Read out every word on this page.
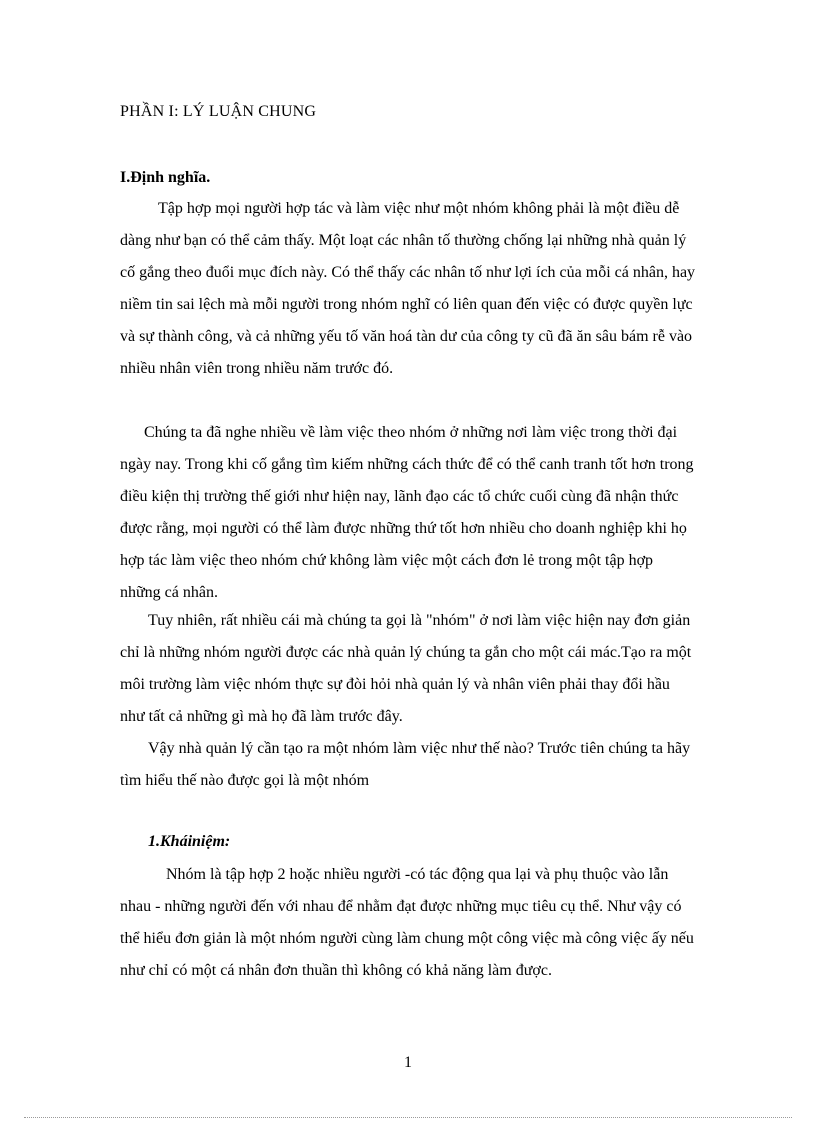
PHẦN I: LÝ LUẬN CHUNG
I.Định nghĩa.

Tập hợp mọi người hợp tác và làm việc như một nhóm không phải là một điều dễ dàng như bạn có thể cảm thấy. Một loạt các nhân tố thường chống lại những nhà quản lý cố gắng theo đuổi mục đích này. Có thể thấy các nhân tố như lợi ích của mỗi cá nhân, hay niềm tin sai lệch mà mỗi người trong nhóm nghĩ có liên quan đến việc có được quyền lực và sự thành công, và cả những yếu tố văn hoá tàn dư của công ty cũ đã ăn sâu bám rễ vào nhiều nhân viên trong nhiều năm trước đó.

Chúng ta đã nghe nhiều về làm việc theo nhóm ở những nơi làm việc trong thời đại ngày nay. Trong khi cố gắng tìm kiếm những cách thức để có thể canh tranh tốt hơn trong điều kiện thị trường thế giới như hiện nay, lãnh đạo các tổ chức cuối cùng đã nhận thức được rằng, mọi người có thể làm được những thứ tốt hơn nhiều cho doanh nghiệp khi họ hợp tác làm việc theo nhóm chứ không làm việc một cách đơn lẻ trong một tập hợp những cá nhân.

Tuy nhiên, rất nhiều cái mà chúng ta gọi là "nhóm" ở nơi làm việc hiện nay đơn giản chỉ là những nhóm người được các nhà quản lý chúng ta gắn cho một cái mác.Tạo ra một môi trường làm việc nhóm thực sự đòi hỏi nhà quản lý và nhân viên phải thay đổi hầu như tất cả những gì mà họ đã làm trước đây.

Vậy nhà quản lý cần tạo ra một nhóm làm việc như thế nào? Trước tiên chúng ta hãy tìm hiểu thế nào được gọi là một nhóm

1.Kháiniệm:

Nhóm là tập hợp 2 hoặc nhiều người -có tác động qua lại và phụ thuộc vào lẫn nhau - những người đến với nhau để nhằm đạt được những mục tiêu cụ thể. Như vậy có thể hiểu đơn giản là một nhóm người cùng làm chung một công việc mà công việc ấy nếu như chỉ có một cá nhân đơn thuần thì không có khả năng làm được.

1
